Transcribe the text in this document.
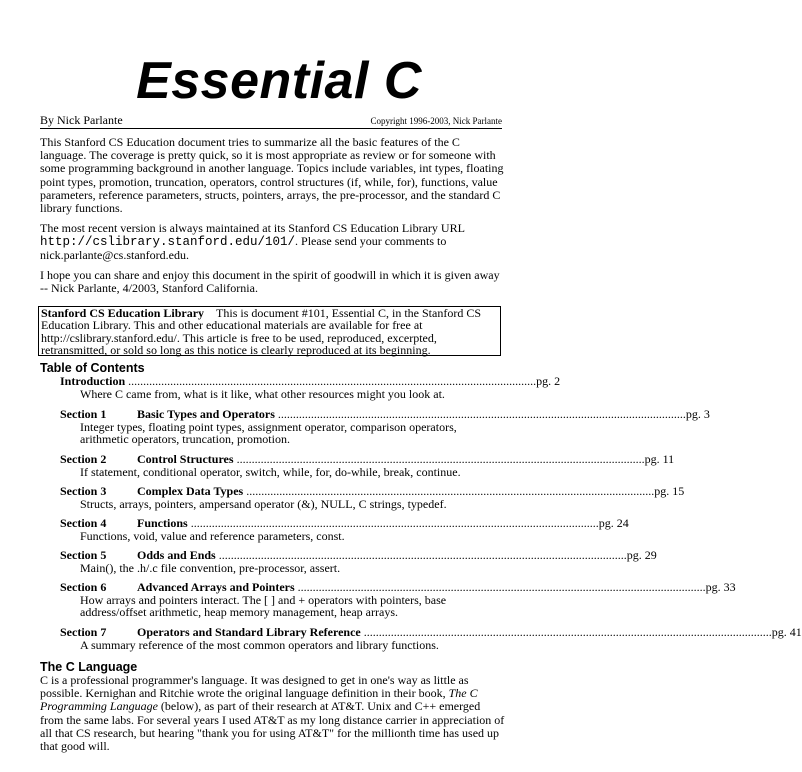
Essential C
By Nick Parlante	Copyright 1996-2003, Nick Parlante

This Stanford CS Education document tries to summarize all the basic features of the C language. The coverage is pretty quick, so it is most appropriate as review or for someone with some programming background in another language. Topics include variables, int types, floating point types, promotion, truncation, operators, control structures (if, while, for), functions, value parameters, reference parameters, structs, pointers, arrays, the pre-processor, and the standard C library functions.

The most recent version is always maintained at its Stanford CS Education Library URL
http://cslibrary.stanford.edu/101/. Please send your comments to nick.parlante@cs.stanford.edu.

I hope you can share and enjoy this document in the spirit of goodwill in which it is given away -- Nick Parlante, 4/2003, Stanford California.

Stanford CS Education Library This is document #101, Essential C, in the Stanford CS Education Library. This and other educational materials are available for free at http://cslibrary.stanford.edu/. This article is free to be used, reproduced, excerpted, retransmitted, or sold so long as this notice is clearly reproduced at its beginning.
Table of Contents
Introduction ........................................................................................................................................ pg. 2
Where C came from, what is it like, what other resources might you look at.
Section 1	Basic Types and Operators ........................................................................................................................................ pg. 3
Integer types, floating point types, assignment operator, comparison operators, arithmetic operators, truncation, promotion.
Section 2	Control Structures ........................................................................................................................................ pg. 11
If statement, conditional operator, switch, while, for, do-while, break, continue.
Section 3	Complex Data Types ........................................................................................................................................ pg. 15
Structs, arrays, pointers, ampersand operator (&), NULL, C strings, typedef.
Section 4	Functions ........................................................................................................................................ pg. 24
Functions, void, value and reference parameters, const.
Section 5	Odds and Ends ........................................................................................................................................ pg. 29
Main(), the .h/.c file convention, pre-processor, assert.
Section 6	Advanced Arrays and Pointers ........................................................................................................................................ pg. 33
How arrays and pointers interact. The [ ] and + operators with pointers, base address/offset arithmetic, heap memory management, heap arrays.
Section 7	Operators and Standard Library Reference ........................................................................................................................................ pg. 41
A summary reference of the most common operators and library functions.
The C Language

C is a professional programmer's language. It was designed to get in one's way as little as possible. Kernighan and Ritchie wrote the original language definition in their book, The C Programming Language (below), as part of their research at AT&T. Unix and C++ emerged from the same labs. For several years I used AT&T as my long distance carrier in appreciation of all that CS research, but hearing "thank you for using AT&T" for the millionth time has used up that good will.
